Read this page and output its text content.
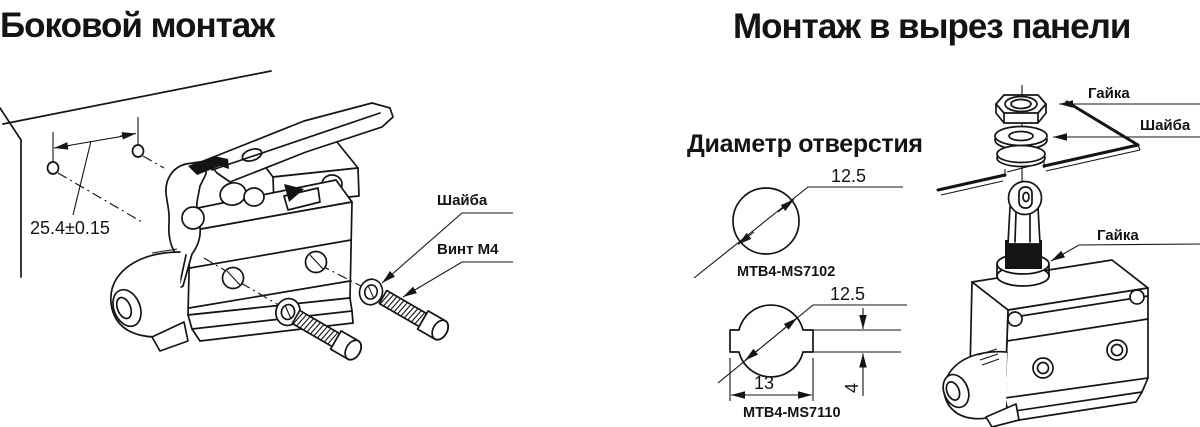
Боковой монтаж
25.4±0.15
Шайба
Винт М4
Монтаж в вырез панели
Диаметр отверстия
12.5
MTB4-MS7102
12.5
4
13
MTB4-MS7110
Гайка
Шайба
Гайка
